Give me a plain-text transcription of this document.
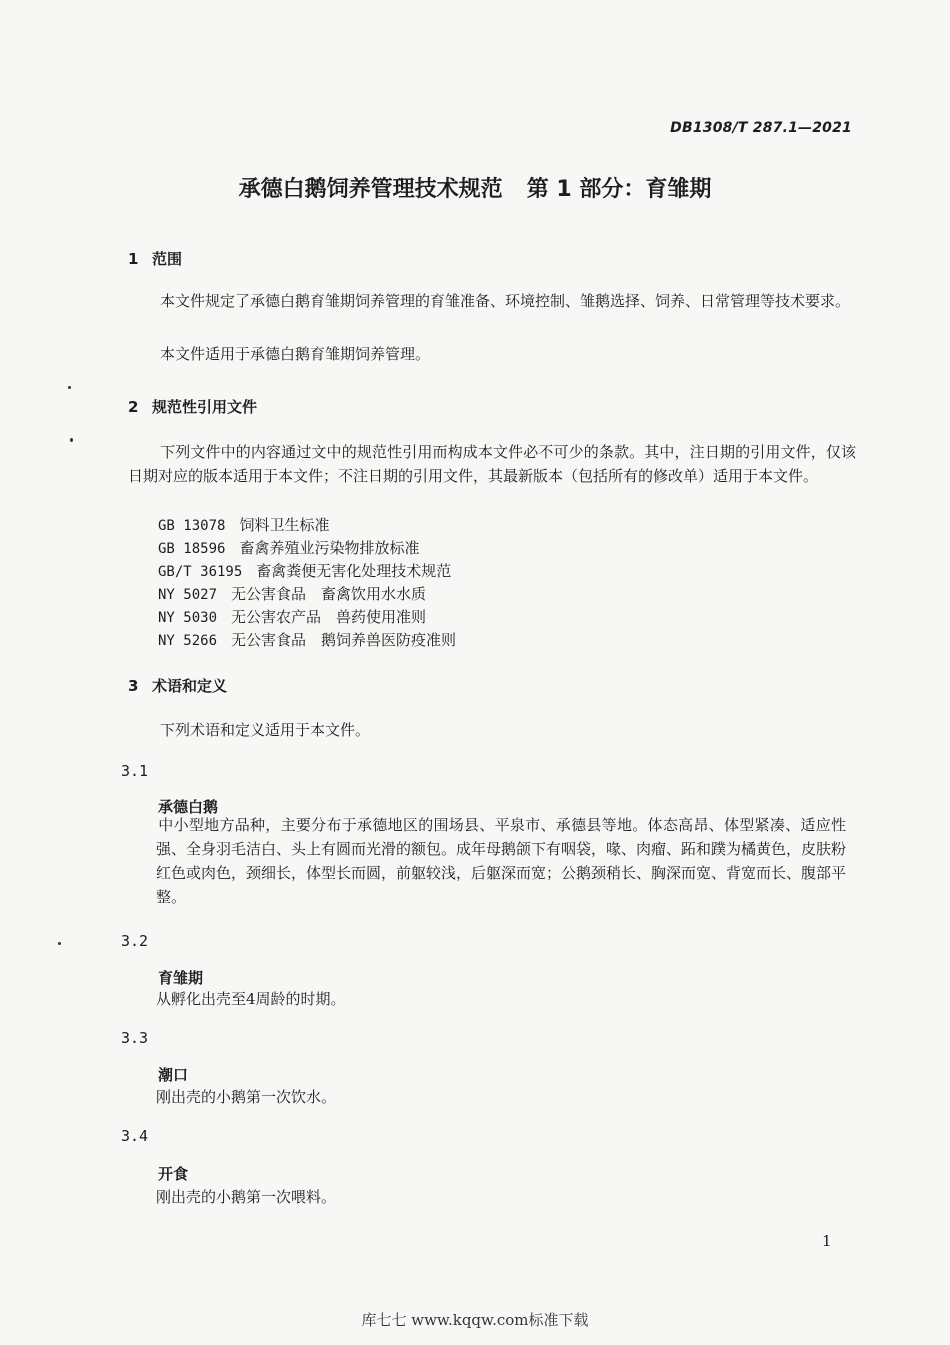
DB1308/T 287.1—2021
承德白鹅饲养管理技术规范 第 1 部分：育雏期
1 范围
本文件规定了承德白鹅育雏期饲养管理的育雏准备、环境控制、雏鹅选择、饲养、日常管理等技术要求。
本文件适用于承德白鹅育雏期饲养管理。
2 规范性引用文件
下列文件中的内容通过文中的规范性引用而构成本文件必不可少的条款。其中，注日期的引用文件，仅该日期对应的版本适用于本文件；不注日期的引用文件，其最新版本（包括所有的修改单）适用于本文件。
GB 13078 饲料卫生标准
GB 18596 畜禽养殖业污染物排放标准
GB/T 36195 畜禽粪便无害化处理技术规范
NY 5027 无公害食品　畜禽饮用水水质
NY 5030 无公害农产品　兽药使用准则
NY 5266 无公害食品　鹅饲养兽医防疫准则
3 术语和定义
下列术语和定义适用于本文件。
3.1
承德白鹅
中小型地方品种，主要分布于承德地区的围场县、平泉市、承德县等地。体态高昂、体型紧凑、适应性强、全身羽毛洁白、头上有圆而光滑的额包。成年母鹅颌下有咽袋，喙、肉瘤、跖和蹼为橘黄色，皮肤粉红色或肉色，颈细长，体型长而圆，前躯较浅，后躯深而宽；公鹅颈稍长、胸深而宽、背宽而长、腹部平整。
3.2
育雏期
从孵化出壳至4周龄的时期。
3.3
潮口
刚出壳的小鹅第一次饮水。
3.4
开食
刚出壳的小鹅第一次喂料。
1
库七七 www.kqqw.com标准下载
